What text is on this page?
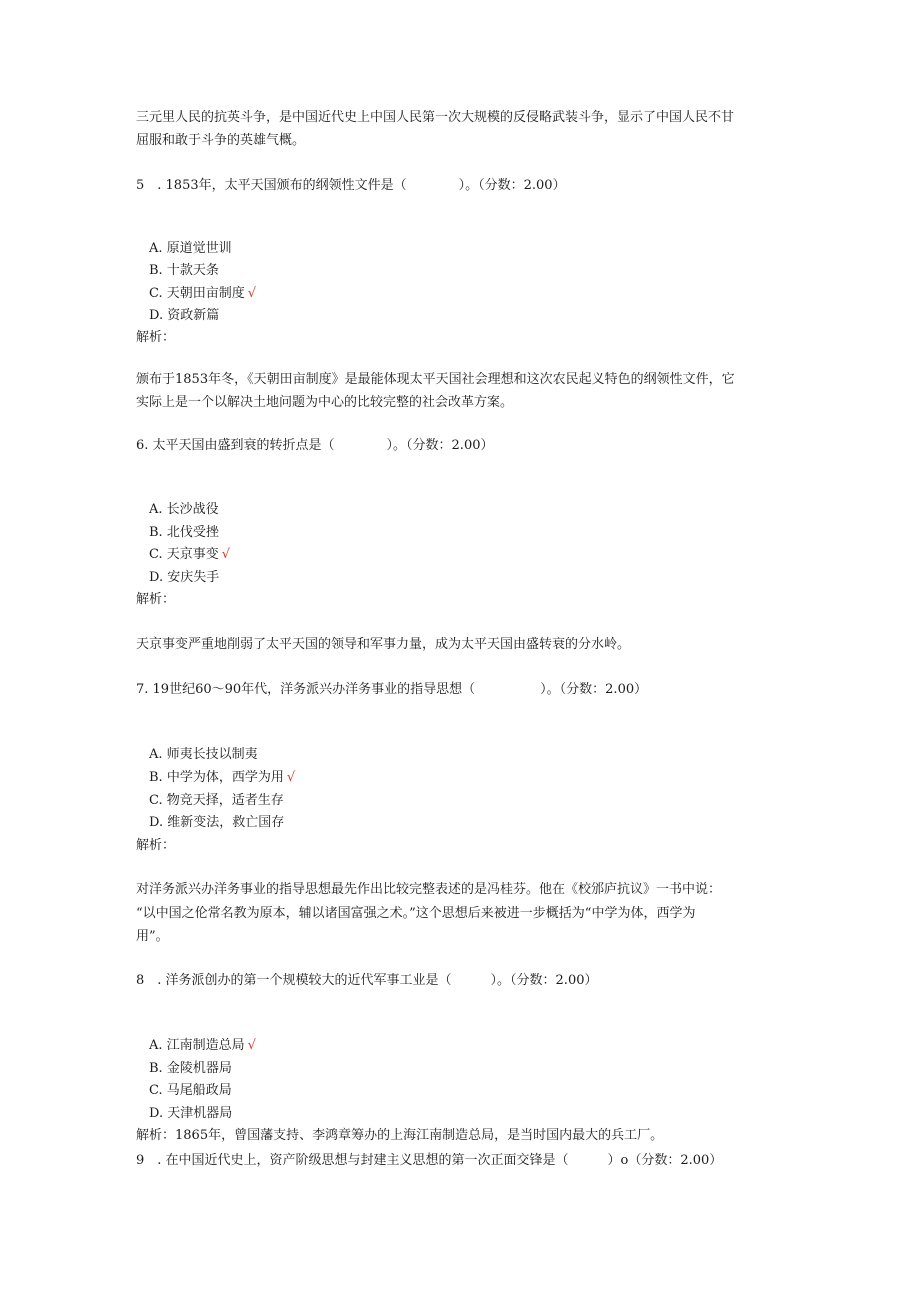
三元里人民的抗英斗争，是中国近代史上中国人民第一次大规模的反侵略武装斗争，显示了中国人民不甘
屈服和敢于斗争的英雄气概。
5　. 1853年，太平天国颁布的纲领性文件是（　　　　）。（分数：2.00）
A. 原道觉世训
B. 十款天条
C. 天朝田亩制度 √
D. 资政新篇
解析：
颁布于1853年冬，《天朝田亩制度》是最能体现太平天国社会理想和这次农民起义特色的纲领性文件，它
实际上是一个以解决土地问题为中心的比较完整的社会改革方案。
6. 太平天国由盛到衰的转折点是（　　　　）。（分数：2.00）
A. 长沙战役
B. 北伐受挫
C. 天京事变 √
D. 安庆失手
解析：
天京事变严重地削弱了太平天国的领导和军事力量，成为太平天国由盛转衰的分水岭。
7. 19世纪60～90年代，洋务派兴办洋务事业的指导思想（　　　　　）。（分数：2.00）
A. 师夷长技以制夷
B. 中学为体，西学为用 √
C. 物竞天择，适者生存
D. 维新变法，救亡国存
解析：
对洋务派兴办洋务事业的指导思想最先作出比较完整表述的是冯桂芬。他在《校邠庐抗议》一书中说：
“以中国之伦常名教为原本，辅以诸国富强之术。”这个思想后来被进一步概括为“中学为体，西学为
用”。
8　. 洋务派创办的第一个规模较大的近代军事工业是（　　　）。（分数：2.00）
A. 江南制造总局 √
B. 金陵机器局
C. 马尾船政局
D. 天津机器局
解析：1865年，曾国藩支持、李鸿章筹办的上海江南制造总局，是当时国内最大的兵工厂。
9　. 在中国近代史上，资产阶级思想与封建主义思想的第一次正面交锋是（　　　）o（分数：2.00）
